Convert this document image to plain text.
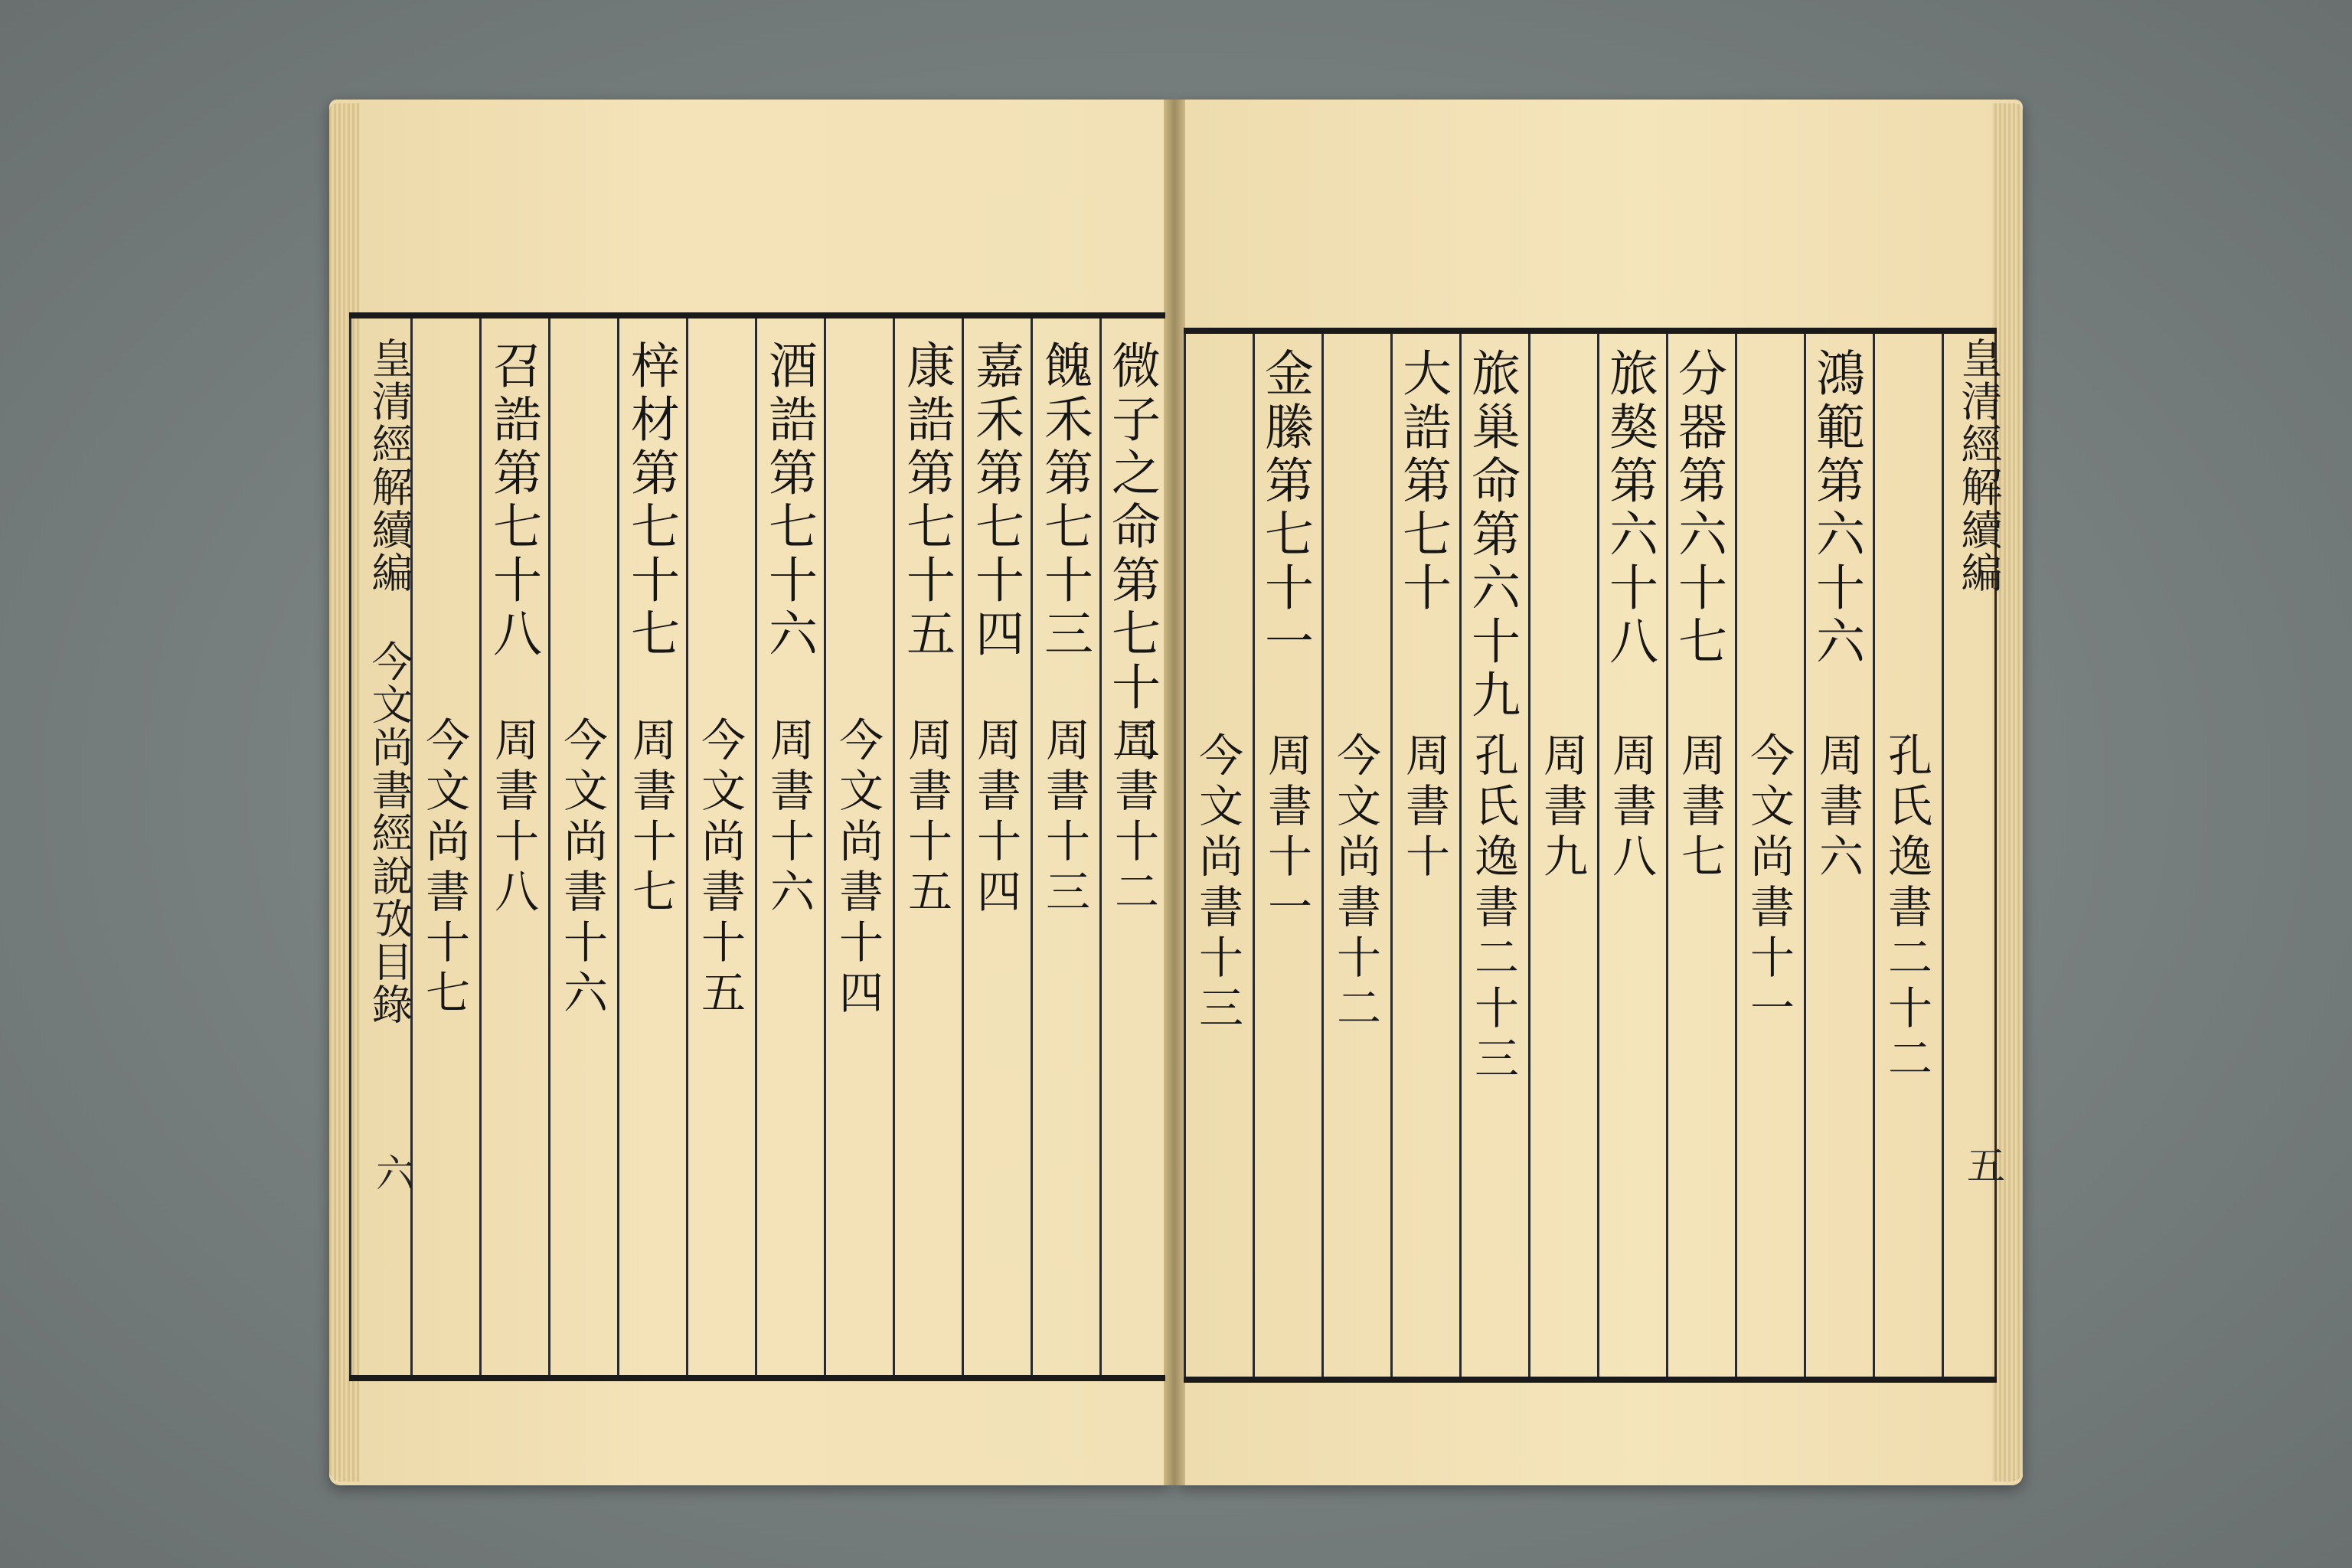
皇清經解續編
今文尚書經說攷目錄
六
微子之命第七十二
周書十二
餽禾第七十三
周書十三
嘉禾第七十四
周書十四
康誥第七十五
周書十五
今文尚書十四
酒誥第七十六
周書十六
今文尚書十五
梓材第七十七
周書十七
今文尚書十六
召誥第七十八
周書十八
今文尚書十七
皇清經解續編
五
孔氏逸書二十二
鴻範第六十六
周書六
今文尚書十一
分器第六十七
周書七
旅獒第六十八
周書八
旅巢命第六十九
孔氏逸書二十三
大誥第七十
周書九
周書十
今文尚書十二
金縢第七十一
周書十一
今文尚書十三
